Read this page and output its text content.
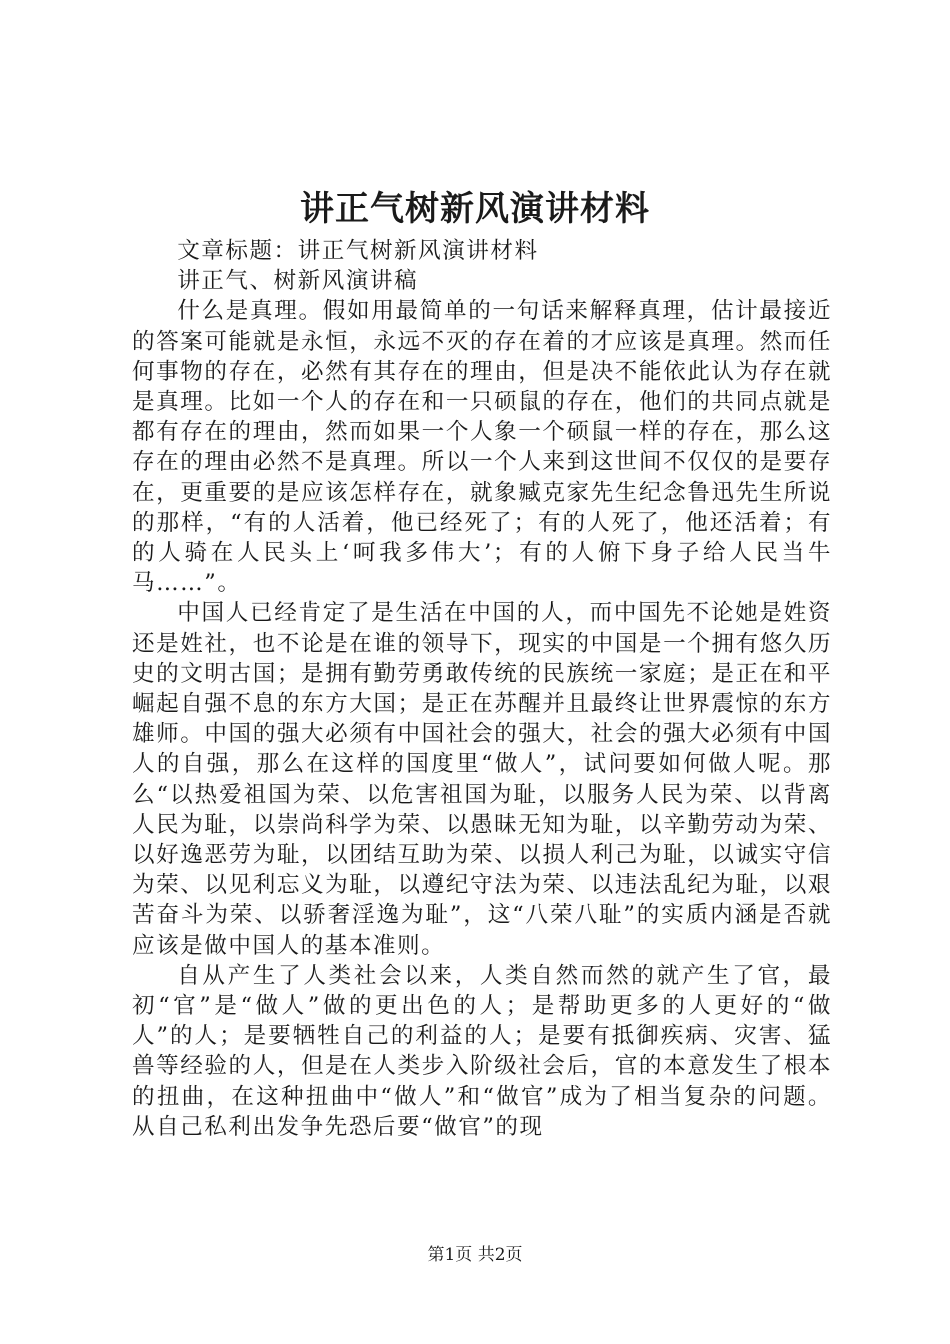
讲正气树新风演讲材料

文章标题：讲正气树新风演讲材料

讲正气、树新风演讲稿

什么是真理。假如用最简单的一句话来解释真理，估计最接近的答案可能就是永恒，永远不灭的存在着的才应该是真理。然而任何事物的存在，必然有其存在的理由，但是决不能依此认为存在就是真理。比如一个人的存在和一只硕鼠的存在，他们的共同点就是都有存在的理由，然而如果一个人象一个硕鼠一样的存在，那么这存在的理由必然不是真理。所以一个人来到这世间不仅仅的是要存在，更重要的是应该怎样存在，就象臧克家先生纪念鲁迅先生所说的那样，“有的人活着，他已经死了；有的人死了，他还活着；有的人骑在人民头上‘呵我多伟大’；有的人俯下身子给人民当牛马……”。

中国人已经肯定了是生活在中国的人，而中国先不论她是姓资还是姓社，也不论是在谁的领导下，现实的中国是一个拥有悠久历史的文明古国；是拥有勤劳勇敢传统的民族统一家庭；是正在和平崛起自强不息的东方大国；是正在苏醒并且最终让世界震惊的东方雄师。中国的强大必须有中国社会的强大，社会的强大必须有中国人的自强，那么在这样的国度里“做人”，试问要如何做人呢。那么“以热爱祖国为荣、以危害祖国为耻，以服务人民为荣、以背离人民为耻，以崇尚科学为荣、以愚昧无知为耻，以辛勤劳动为荣、以好逸恶劳为耻，以团结互助为荣、以损人利己为耻，以诚实守信为荣、以见利忘义为耻，以遵纪守法为荣、以违法乱纪为耻，以艰苦奋斗为荣、以骄奢淫逸为耻”，这“八荣八耻”的实质内涵是否就应该是做中国人的基本准则。

自从产生了人类社会以来，人类自然而然的就产生了官，最初“官”是“做人”做的更出色的人；是帮助更多的人更好的“做人”的人；是要牺牲自己的利益的人；是要有抵御疾病、灾害、猛兽等经验的人，但是在人类步入阶级社会后，官的本意发生了根本的扭曲，在这种扭曲中“做人”和“做官”成为了相当复杂的问题。从自己私利出发争先恐后要“做官”的现

第1页 共2页
